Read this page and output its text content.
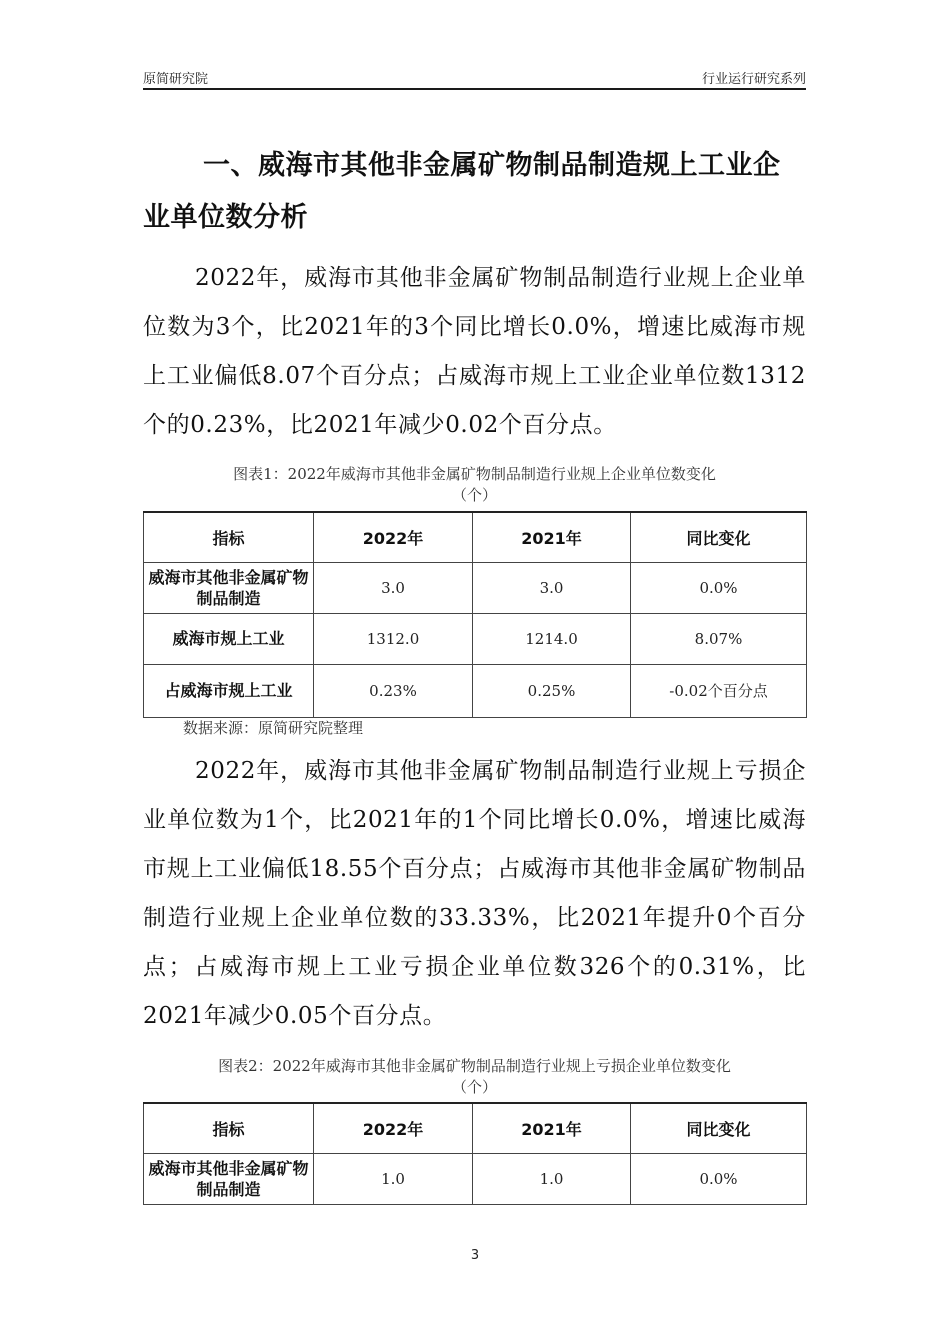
原简研究院	行业运行研究系列
一、威海市其他非金属矿物制品制造规上工业企业单位数分析
2022年，威海市其他非金属矿物制品制造行业规上企业单位数为3个，比2021年的3个同比增长0.0%，增速比威海市规上工业偏低8.07个百分点；占威海市规上工业企业单位数1312个的0.23%，比2021年减少0.02个百分点。
图表1：2022年威海市其他非金属矿物制品制造行业规上企业单位数变化
（个）
指标	2022年	2021年	同比变化
威海市其他非金属矿物制品制造	3.0	3.0	0.0%
威海市规上工业	1312.0	1214.0	8.07%
占威海市规上工业	0.23%	0.25%	-0.02个百分点
数据来源：原简研究院整理
2022年，威海市其他非金属矿物制品制造行业规上亏损企业单位数为1个，比2021年的1个同比增长0.0%，增速比威海市规上工业偏低18.55个百分点；占威海市其他非金属矿物制品制造行业规上企业单位数的33.33%，比2021年提升0个百分点；占威海市规上工业亏损企业单位数326个的0.31%，比2021年减少0.05个百分点。
图表2：2022年威海市其他非金属矿物制品制造行业规上亏损企业单位数变化
（个）
指标	2022年	2021年	同比变化
威海市其他非金属矿物制品制造	1.0	1.0	0.0%
3
